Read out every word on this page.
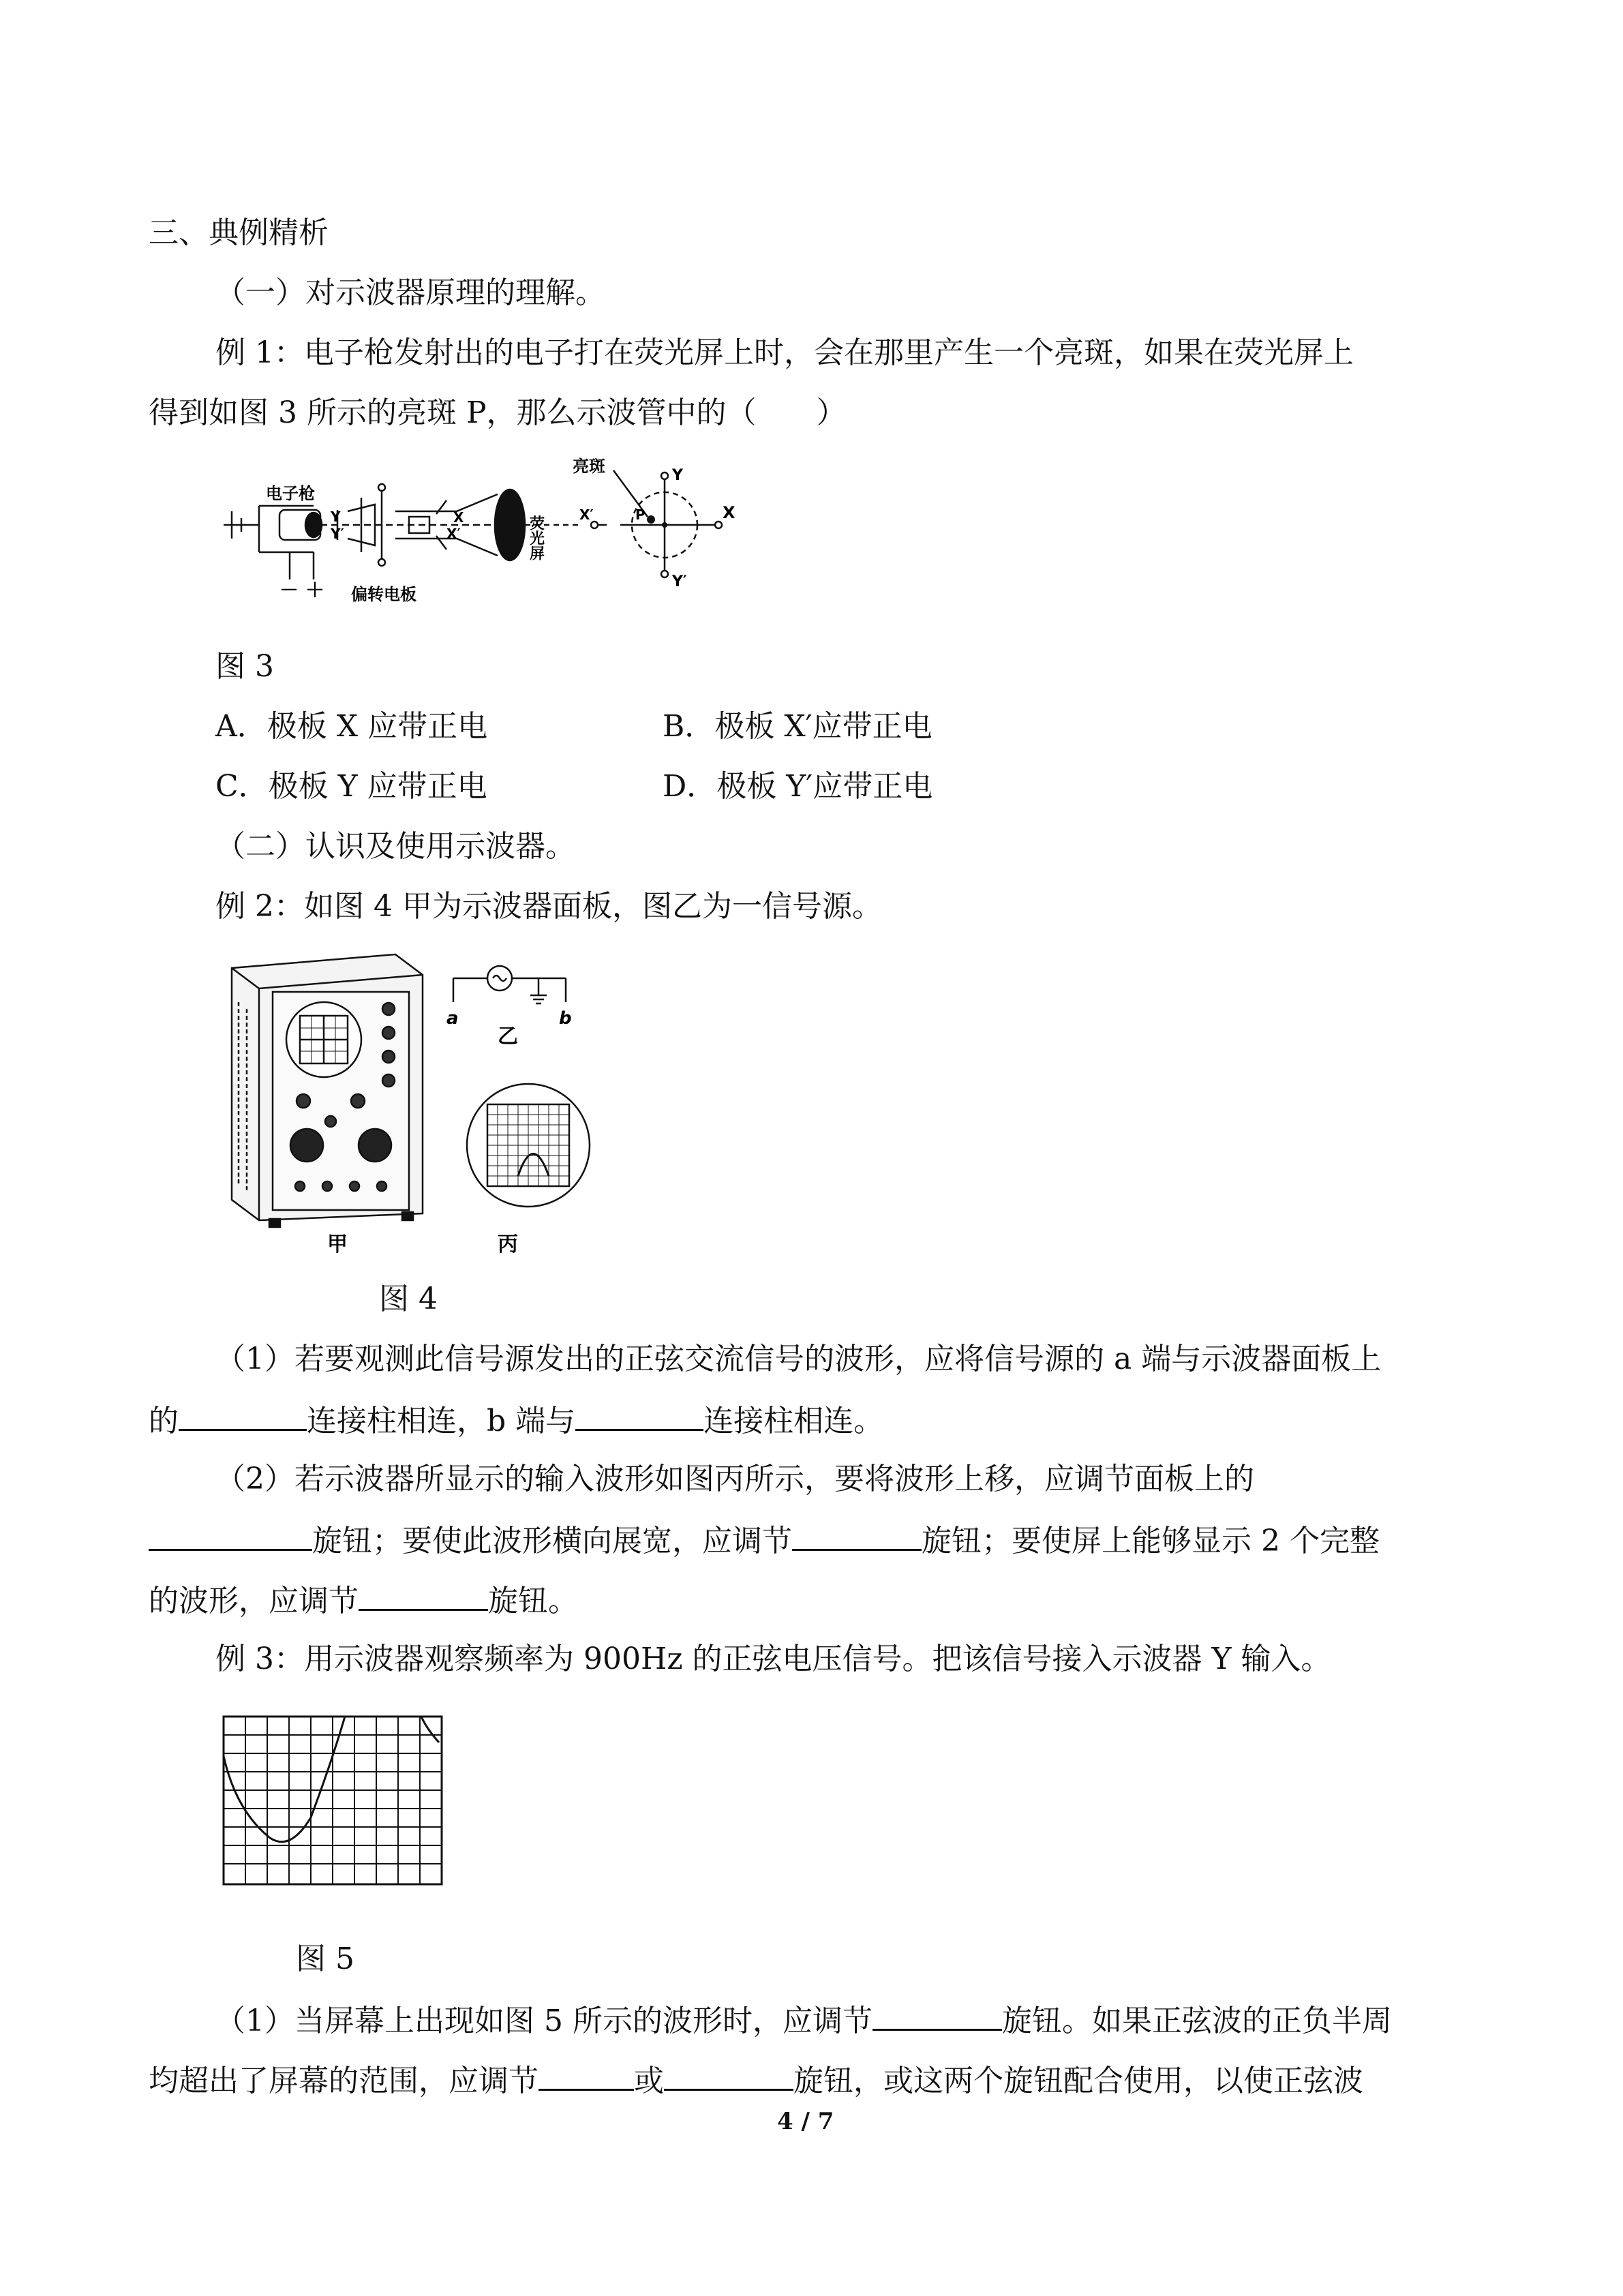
三、典例精析
（一）对示波器原理的理解。
例 1：电子枪发射出的电子打在荧光屏上时，会在那里产生一个亮斑，如果在荧光屏上
得到如图 3 所示的亮斑 P，那么示波管中的（　　）
电子枪
－ ＋ 偏转电板
Y
Y′
X
X′	荧光屏
X′
亮斑	Y
Y′
X
P
图 3
A．极板 X 应带正电	B．极板 X′应带正电
C．极板 Y 应带正电	D．极板 Y′应带正电
（二）认识及使用示波器。
例 2：如图 4 甲为示波器面板，图乙为一信号源。
a	b
乙
甲	丙
图 4
（1）若要观测此信号源发出的正弦交流信号的波形，应将信号源的 a 端与示波器面板上
的	连接柱相连，b 端与	连接柱相连。
（2）若示波器所显示的输入波形如图丙所示，要将波形上移，应调节面板上的
旋钮；要使此波形横向展宽，应调节	旋钮；要使屏上能够显示 2 个完整
的波形，应调节	旋钮。
例 3：用示波器观察频率为 900Hz 的正弦电压信号。把该信号接入示波器 Y 输入。
图 5
（1）当屏幕上出现如图 5 所示的波形时，应调节	旋钮。如果正弦波的正负半周
均超出了屏幕的范围，应调节	或	旋钮，或这两个旋钮配合使用，以使正弦波
4 / 7
